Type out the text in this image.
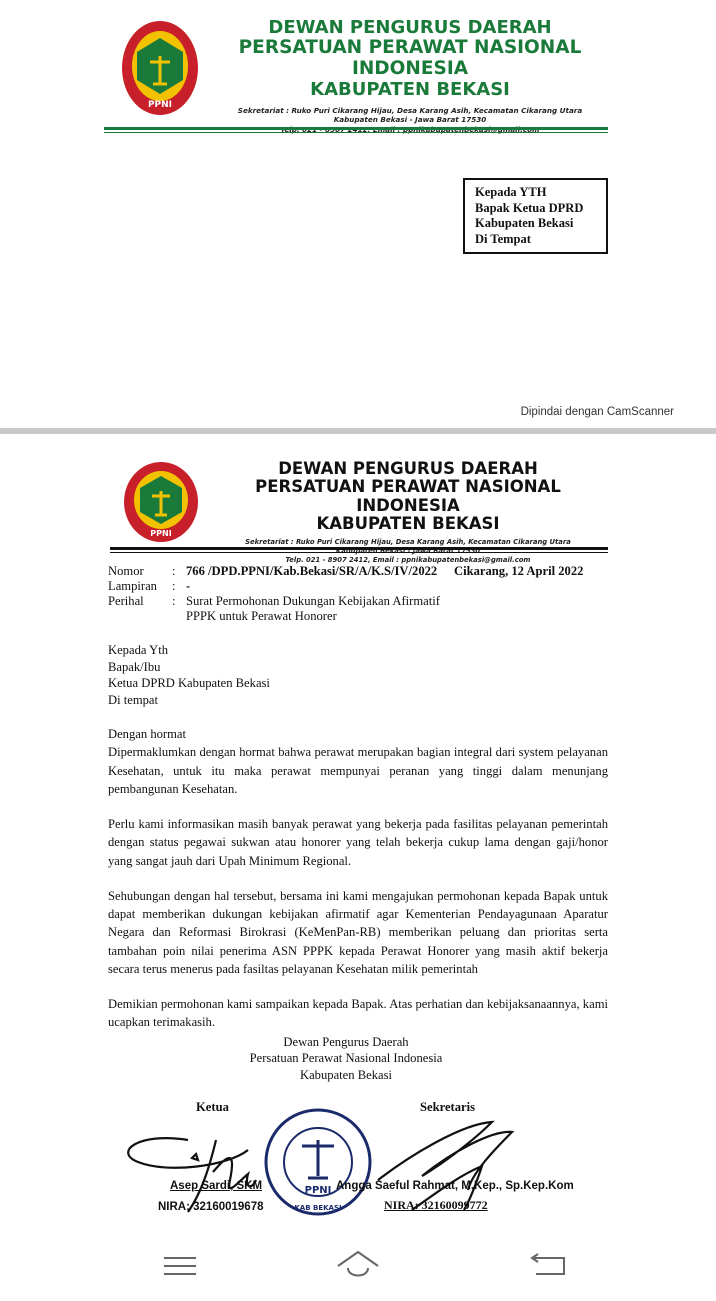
PPNI
DEWAN PENGURUS DAERAH
PERSATUAN PERAWAT NASIONAL INDONESIA
KABUPATEN BEKASI
Sekretariat : Ruko Puri Cikarang Hijau, Desa Karang Asih, Kecamatan Cikarang Utara
Kabupaten Bekasi - Jawa Barat 17530
Telp. 021 - 8907 2412, Email : ppnikabupatenbekasi@gmail.com
Kepada YTH
Bapak Ketua DPRD
Kabupaten Bekasi
Di Tempat
Dipindai dengan CamScanner
PPNI
DEWAN PENGURUS DAERAH
PERSATUAN PERAWAT NASIONAL INDONESIA
KABUPATEN BEKASI
Sekretariat : Ruko Puri Cikarang Hijau, Desa Karang Asih, Kecamatan Cikarang Utara
Kabupaten Bekasi - Jawa Barat 17530
Telp. 021 - 8907 2412, Email : ppnikabupatenbekasi@gmail.com
Nomor : 766 /DPD.PPNI/Kab.Bekasi/SR/A/K.S/IV/2022 Cikarang, 12 April 2022
Lampiran : -
Perihal : Surat Permohonan Dukungan Kebijakan Afirmatif
PPPK untuk Perawat Honorer
Kepada Yth
Bapak/Ibu
Ketua DPRD Kabupaten Bekasi
Di tempat

Dengan hormat

Dipermaklumkan dengan hormat bahwa perawat merupakan bagian integral dari system pelayanan Kesehatan, untuk itu maka perawat mempunyai peranan yang tinggi dalam menunjang pembangunan Kesehatan.

Perlu kami informasikan masih banyak perawat yang bekerja pada fasilitas pelayanan pemerintah dengan status pegawai sukwan atau honorer yang telah bekerja cukup lama dengan gaji/honor yang sangat jauh dari Upah Minimum Regional.

Sehubungan dengan hal tersebut, bersama ini kami mengajukan permohonan kepada Bapak untuk dapat memberikan dukungan kebijakan afirmatif agar Kementerian Pendayagunaan Aparatur Negara dan Reformasi Birokrasi (KeMenPan-RB) memberikan peluang dan prioritas serta tambahan poin nilai penerima ASN PPPK kepada Perawat Honorer yang masih aktif bekerja secara terus menerus pada fasiltas pelayanan Kesehatan milik pemerintah

Demikian permohonan kami sampaikan kepada Bapak. Atas perhatian dan kebijaksanaannya, kami ucapkan terimakasih.

Dewan Pengurus Daerah
Persatuan Perawat Nasional Indonesia
Kabupaten Bekasi
Ketua	Sekretaris
PPNI
KAB BEKASI
Asep Sardi, SKM
NIRA: 32160019678
Angga Saeful Rahmat, M.Kep., Sp.Kep.Kom
NIRA: 32160099772
